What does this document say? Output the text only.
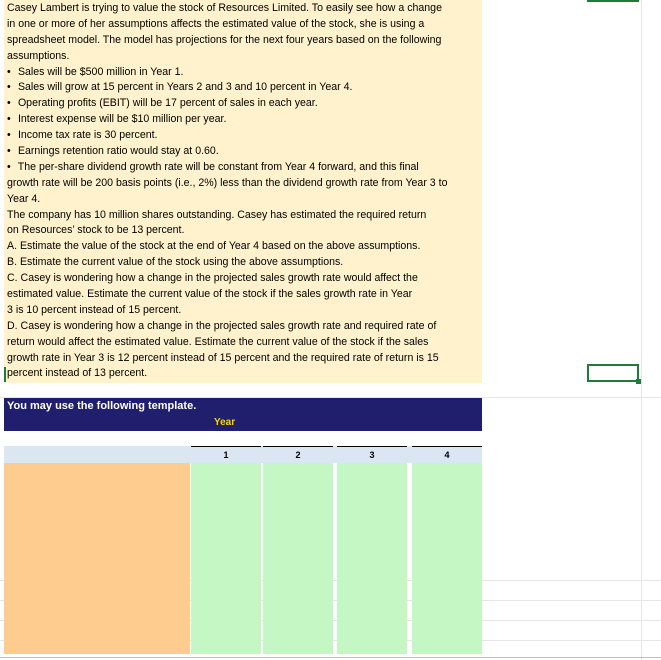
Casey Lambert is trying to value the stock of Resources Limited. To easily see how a change
in one or more of her assumptions affects the estimated value of the stock, she is using a
spreadsheet model. The model has projections for the next four years based on the following
assumptions.
• Sales will be $500 million in Year 1.
• Sales will grow at 15 percent in Years 2 and 3 and 10 percent in Year 4.
• Operating profits (EBIT) will be 17 percent of sales in each year.
• Interest expense will be $10 million per year.
• Income tax rate is 30 percent.
• Earnings retention ratio would stay at 0.60.
• The per-share dividend growth rate will be constant from Year 4 forward, and this final
growth rate will be 200 basis points (i.e., 2%) less than the dividend growth rate from Year 3 to
Year 4.
The company has 10 million shares outstanding. Casey has estimated the required return
on Resources’ stock to be 13 percent.
A. Estimate the value of the stock at the end of Year 4 based on the above assumptions.
B. Estimate the current value of the stock using the above assumptions.
C. Casey is wondering how a change in the projected sales growth rate would affect the
estimated value. Estimate the current value of the stock if the sales growth rate in Year
3 is 10 percent instead of 15 percent.
D. Casey is wondering how a change in the projected sales growth rate and required rate of
return would affect the estimated value. Estimate the current value of the stock if the sales
growth rate in Year 3 is 12 percent instead of 15 percent and the required rate of return is 15
percent instead of 13 percent.
You may use the following template.
Year
1	2	3	4
